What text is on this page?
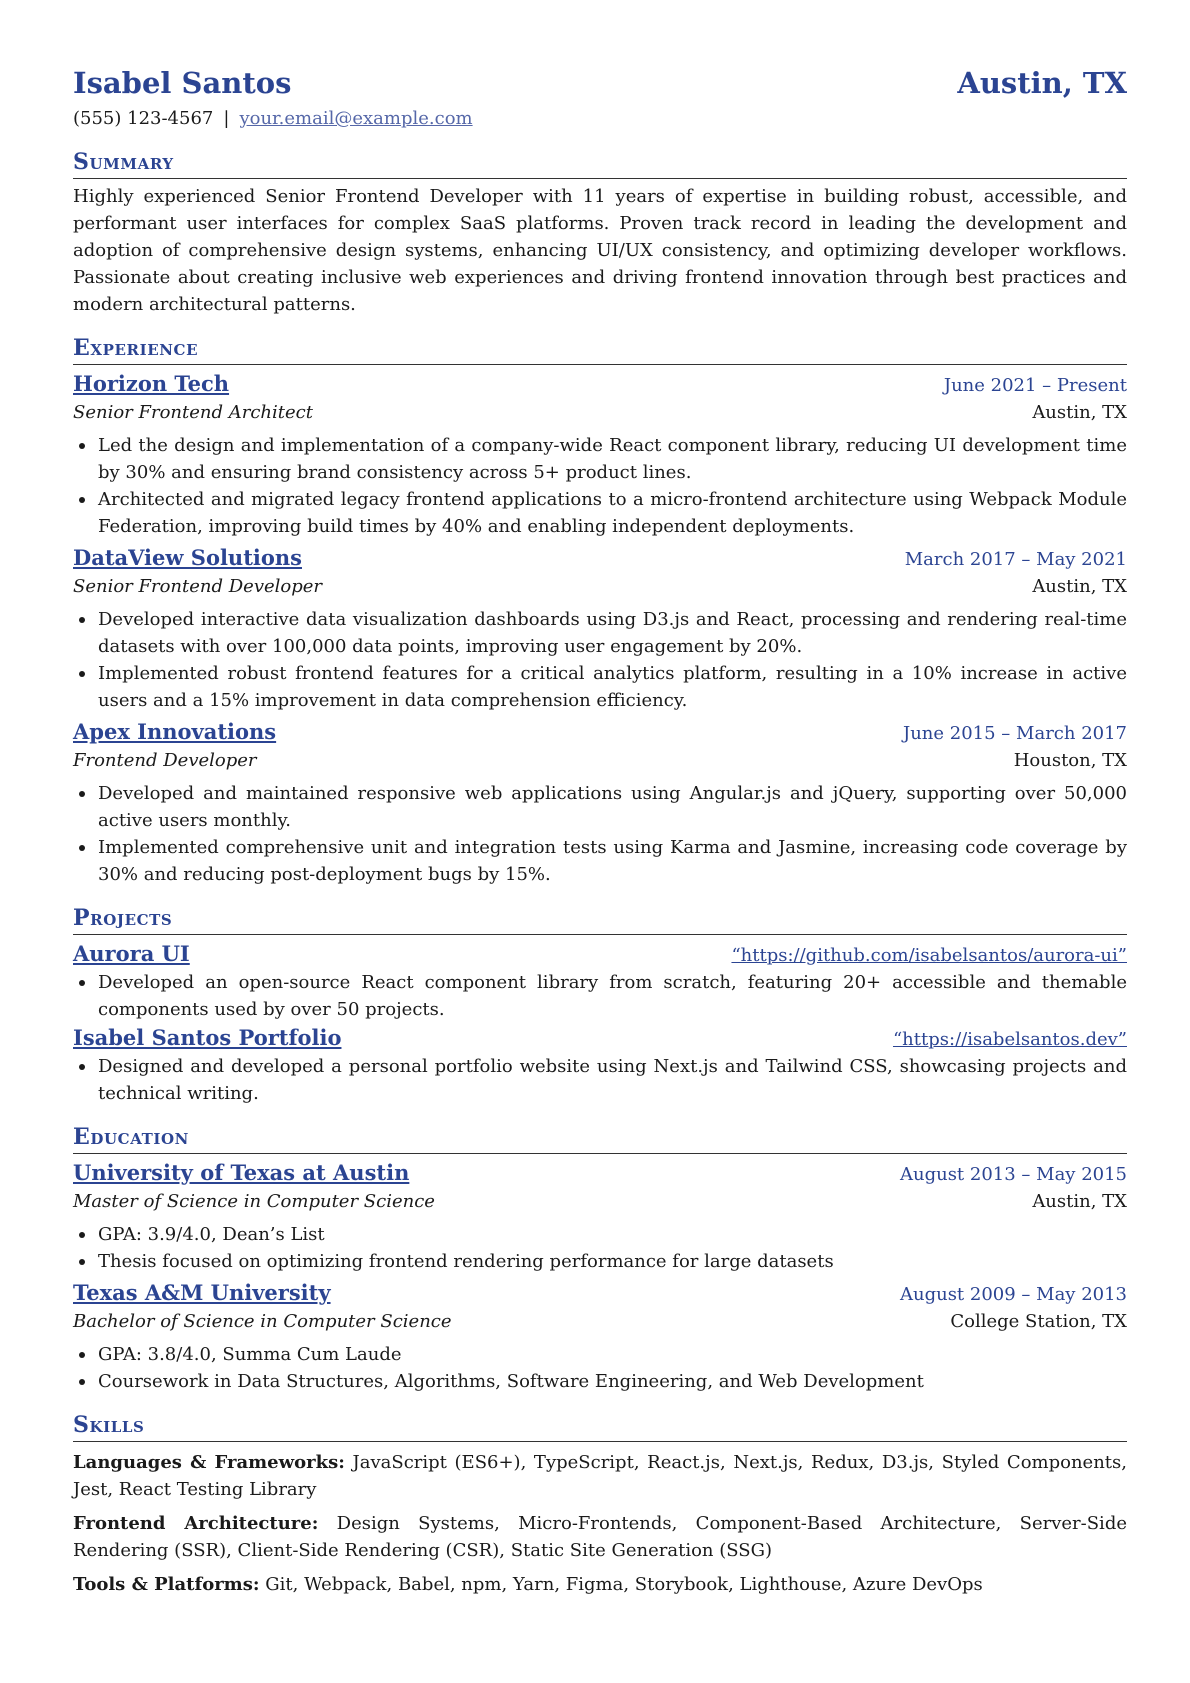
Isabel Santos	Austin, TX
(555) 123-4567 | your.email@example.com
Summary
Highly experienced Senior Frontend Developer with 11 years of expertise in building robust, accessible, and performant user interfaces for complex SaaS platforms. Proven track record in leading the development and adoption of comprehensive design systems, enhancing UI/UX consistency, and optimizing developer workflows. Passionate about creating inclusive web experiences and driving frontend innovation through best practices and modern architectural patterns.
Experience
Horizon Tech	June 2021 – Present
Senior Frontend Architect	Austin, TX
Led the design and implementation of a company-wide React component library, reducing UI development time by 30% and ensuring brand consistency across 5+ product lines.
Architected and migrated legacy frontend applications to a micro-frontend architecture using Webpack Module Federation, improving build times by 40% and enabling independent deployments.
DataView Solutions	March 2017 – May 2021
Senior Frontend Developer	Austin, TX
Developed interactive data visualization dashboards using D3.js and React, processing and rendering real-time datasets with over 100,000 data points, improving user engagement by 20%.
Implemented robust frontend features for a critical analytics platform, resulting in a 10% increase in active users and a 15% improvement in data comprehension efficiency.
Apex Innovations	June 2015 – March 2017
Frontend Developer	Houston, TX
Developed and maintained responsive web applications using Angular.js and jQuery, supporting over 50,000 active users monthly.
Implemented comprehensive unit and integration tests using Karma and Jasmine, increasing code coverage by 30% and reducing post-deployment bugs by 15%.
Projects
Aurora UI	“https://github.com/isabelsantos/aurora-ui”
Developed an open-source React component library from scratch, featuring 20+ accessible and themable components used by over 50 projects.
Isabel Santos Portfolio	“https://isabelsantos.dev”
Designed and developed a personal portfolio website using Next.js and Tailwind CSS, showcasing projects and technical writing.
Education
University of Texas at Austin	August 2013 – May 2015
Master of Science in Computer Science	Austin, TX
GPA: 3.9/4.0, Dean’s List
Thesis focused on optimizing frontend rendering performance for large datasets
Texas A&M University	August 2009 – May 2013
Bachelor of Science in Computer Science	College Station, TX
GPA: 3.8/4.0, Summa Cum Laude
Coursework in Data Structures, Algorithms, Software Engineering, and Web Development
Skills
Languages & Frameworks: JavaScript (ES6+), TypeScript, React.js, Next.js, Redux, D3.js, Styled Components, Jest, React Testing Library
Frontend Architecture: Design Systems, Micro-Frontends, Component-Based Architecture, Server-Side Rendering (SSR), Client-Side Rendering (CSR), Static Site Generation (SSG)
Tools & Platforms: Git, Webpack, Babel, npm, Yarn, Figma, Storybook, Lighthouse, Azure DevOps
